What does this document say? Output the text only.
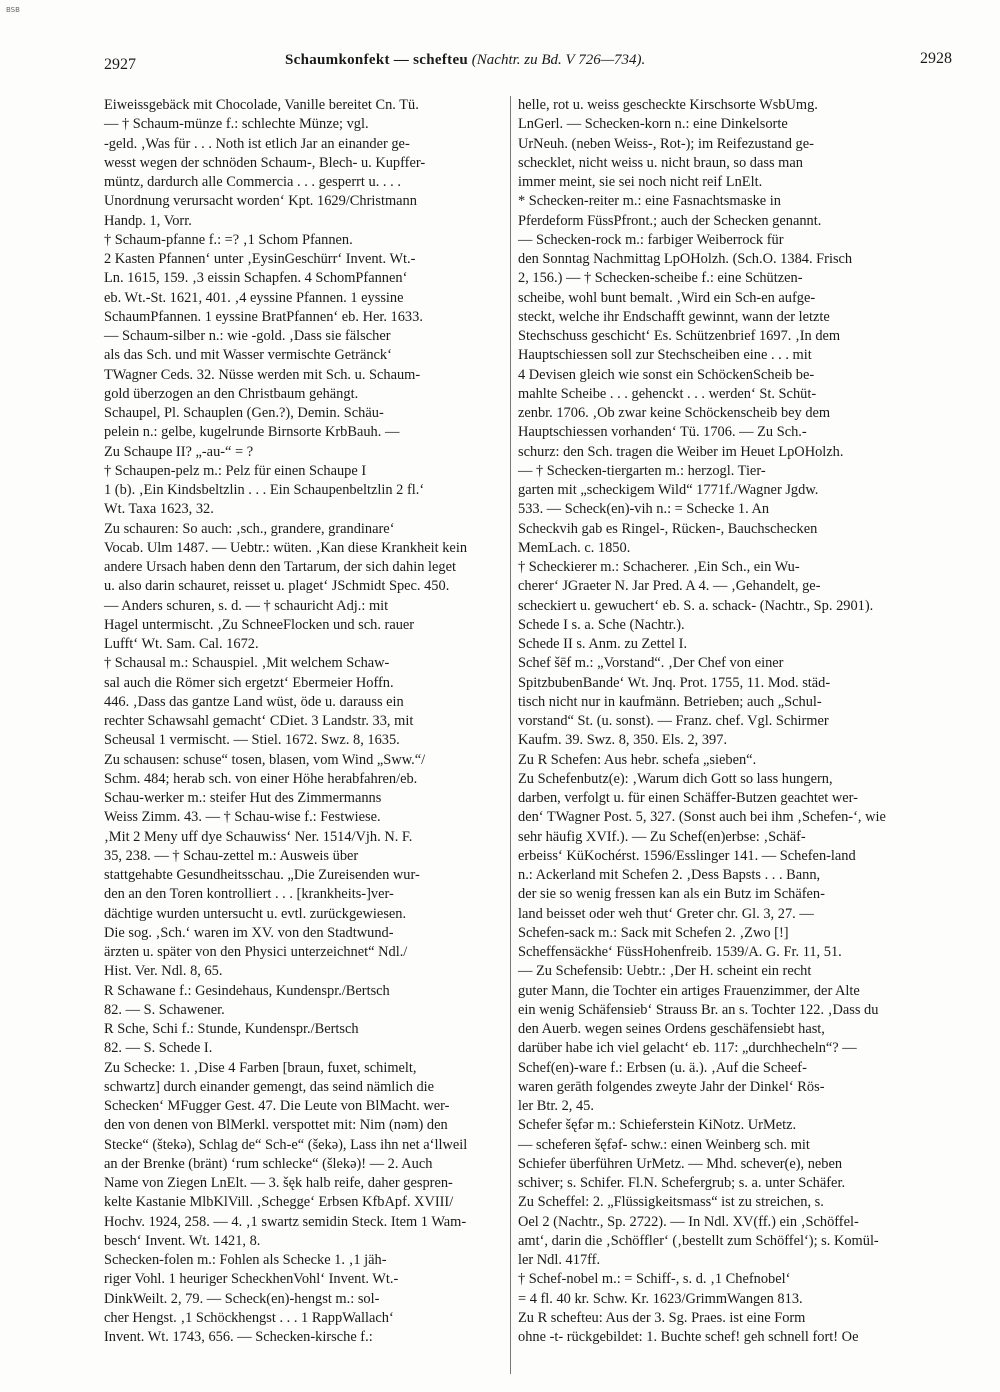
BSB
2927	Schaumkonfekt — schefteu (Nachtr. zu Bd. V 726—734).	2928

Eiweissgebäck mit Chocolade, Vanille bereitet Cn. Tü.

— † Schaum-münze f.: schlechte Münze; vgl.

-geld. ‚Was für . . . Noth ist etlich Jar an einander ge-

wesst wegen der schnöden Schaum-, Blech- u. Kupffer-

müntz, dardurch alle Commercia . . . gesperrt u. . . .

Unordnung verursacht worden‘ Kpt. 1629/Christmann

Handp. 1, Vorr.

† Schaum-pfanne f.: =? ‚1 Schom Pfannen.

2 Kasten Pfannen‘ unter ‚EysinGeschürr‘ Invent. Wt.-

Ln. 1615, 159. ‚3 eissin Schapfen. 4 SchomPfannen‘

eb. Wt.-St. 1621, 401. ‚4 eyssine Pfannen. 1 eyssine

SchaumPfannen. 1 eyssine BratPfannen‘ eb. Her. 1633.

— Schaum-silber n.: wie -gold. ‚Dass sie fälscher

als das Sch. und mit Wasser vermischte Getränck‘

TWagner Ceds. 32. Nüsse werden mit Sch. u. Schaum-

gold überzogen an den Christbaum gehängt.

Schaupel, Pl. Schauplen (Gen.?), Demin. Schäu-

pelein n.: gelbe, kugelrunde Birnsorte KrbBauh. —

Zu Schaupe II? „-au-“ = ?

† Schaupen-pelz m.: Pelz für einen Schaupe I

1 (b). ‚Ein Kindsbeltzlin . . . Ein Schaupenbeltzlin 2 fl.‘

Wt. Taxa 1623, 32.

Zu schauren: So auch: ‚sch., grandere, grandinare‘

Vocab. Ulm 1487. — Uebtr.: wüten. ‚Kan diese Krankheit kein

andere Ursach haben denn den Tartarum, der sich dahin leget

u. also darin schauret, reisset u. plaget‘ JSchmidt Spec. 450.

— Anders schuren, s. d. — † schauricht Adj.: mit

Hagel untermischt. ‚Zu SchneeFlocken und sch. rauer

Lufft‘ Wt. Sam. Cal. 1672.

† Schausal m.: Schauspiel. ‚Mit welchem Schaw-

sal auch die Römer sich ergetzt‘ Ebermeier Hoffn.

446. ‚Dass das gantze Land wüst, öde u. darauss ein

rechter Schawsahl gemacht‘ CDiet. 3 Landstr. 33, mit

Scheusal 1 vermischt. — Stiel. 1672. Swz. 8, 1635.

Zu schausen: schuse“ tosen, blasen, vom Wind „Sww.“/

Schm. 484; herab sch. von einer Höhe herabfahren/eb.

Schau-werker m.: steifer Hut des Zimmermanns

Weiss Zimm. 43. — † Schau-wise f.: Festwiese.

‚Mit 2 Meny uff dye Schauwiss‘ Ner. 1514/Vjh. N. F.

35, 238. — † Schau-zettel m.: Ausweis über

stattgehabte Gesundheitsschau. „Die Zureisenden wur-

den an den Toren kontrolliert . . . [krankheits-]ver-

dächtige wurden untersucht u. evtl. zurückgewiesen.

Die sog. ‚Sch.‘ waren im XV. von den Stadtwund-

ärzten u. später von den Physici unterzeichnet“ Ndl./

Hist. Ver. Ndl. 8, 65.

R Schawane f.: Gesindehaus, Kundenspr./Bertsch

82. — S. Schawener.

R Sche, Schi f.: Stunde, Kundenspr./Bertsch

82. — S. Schede I.

Zu Schecke: 1. ‚Dise 4 Farben [braun, fuxet, schimelt,

schwartz] durch einander gemengt, das seind nämlich die

Schecken‘ MFugger Gest. 47. Die Leute von BlMacht. wer-

den von denen von BlMerkl. verspottet mit: Nim (nəm) den

Stecke“ (štekə), Schlag de“ Sch-e“ (šekə), Lass ihn net a‘llweil

an der Brenke (bränt) ‘rum schlecke“ (šlekə)! — 2. Auch

Name von Ziegen LnElt. — 3. šęk halb reife, daher gespren-

kelte Kastanie MlbKlVill. ‚Schegge‘ Erbsen KfbApf. XVIII/

Hochv. 1924, 258. — 4. ‚1 swartz semidin Steck. Item 1 Wam-

besch‘ Invent. Wt. 1421, 8.

Schecken-folen m.: Fohlen als Schecke 1. ‚1 jäh-

riger Vohl. 1 heuriger ScheckhenVohl‘ Invent. Wt.-

DinkWeilt. 2, 79. — Scheck(en)-hengst m.: sol-

cher Hengst. ‚1 Schöckhengst . . . 1 RappWallach‘

Invent. Wt. 1743, 656. — Schecken-kirsche f.:

helle, rot u. weiss gescheckte Kirschsorte WsbUmg.

LnGerl. — Schecken-korn n.: eine Dinkelsorte

UrNeuh. (neben Weiss-, Rot-); im Reifezustand ge-

schecklet, nicht weiss u. nicht braun, so dass man

immer meint, sie sei noch nicht reif LnElt.

* Schecken-reiter m.: eine Fasnachtsmaske in

Pferdeform FüssPfront.; auch der Schecken genannt.

— Schecken-rock m.: farbiger Weiberrock für

den Sonntag Nachmittag LpOHolzh. (Sch.O. 1384. Frisch

2, 156.) — † Schecken-scheibe f.: eine Schützen-

scheibe, wohl bunt bemalt. ‚Wird ein Sch-en aufge-

steckt, welche ihr Endschafft gewinnt, wann der letzte

Stechschuss geschicht‘ Es. Schützenbrief 1697. ‚In dem

Hauptschiessen soll zur Stechscheiben eine . . . mit

4 Devisen gleich wie sonst ein SchöckenScheib be-

mahlte Scheibe . . . gehenckt . . . werden‘ St. Schüt-

zenbr. 1706. ‚Ob zwar keine Schöckenscheib bey dem

Hauptschiessen vorhanden‘ Tü. 1706. — Zu Sch.-

schurz: den Sch. tragen die Weiber im Heuet LpOHolzh.

— † Schecken-tiergarten m.: herzogl. Tier-

garten mit „scheckigem Wild“ 1771f./Wagner Jgdw.

533. — Scheck(en)-vih n.: = Schecke 1. An

Scheckvih gab es Ringel-, Rücken-, Bauchschecken

MemLach. c. 1850.

† Scheckierer m.: Schacherer. ‚Ein Sch., ein Wu-

cherer‘ JGraeter N. Jar Pred. A 4. — ‚Gehandelt, ge-

scheckiert u. gewuchert‘ eb. S. a. schack- (Nachtr., Sp. 2901).

Schede I s. a. Sche (Nachtr.).

Schede II s. Anm. zu Zettel I.

Schef šēf m.: „Vorstand“. ‚Der Chef von einer

SpitzbubenBande‘ Wt. Jnq. Prot. 1755, 11. Mod. städ-

tisch nicht nur in kaufmänn. Betrieben; auch „Schul-

vorstand“ St. (u. sonst). — Franz. chef. Vgl. Schirmer

Kaufm. 39. Swz. 8, 350. Els. 2, 397.

Zu R Schefen: Aus hebr. schefa „sieben“.

Zu Schefenbutz(e): ‚Warum dich Gott so lass hungern,

darben, verfolgt u. für einen Schäffer-Butzen geachtet wer-

den‘ TWagner Post. 5, 327. (Sonst auch bei ihm ‚Schefen-‘, wie

sehr häufig XVIf.). — Zu Schef(en)erbse: ‚Schäf-

erbeiss‘ KüKochérst. 1596/Esslinger 141. — Schefen-land

n.: Ackerland mit Schefen 2. ‚Dess Bapsts . . . Bann,

der sie so wenig fressen kan als ein Butz im Schäfen-

land beisset oder weh thut‘ Greter chr. Gl. 3, 27. —

Schefen-sack m.: Sack mit Schefen 2. ‚Zwo [!]

Scheffensäckhe‘ FüssHohenfreib. 1539/A. G. Fr. 11, 51.

— Zu Schefensib: Uebtr.: ‚Der H. scheint ein recht

guter Mann, die Tochter ein artiges Frauenzimmer, der Alte

ein wenig Schäfensieb‘ Strauss Br. an s. Tochter 122. ‚Dass du

den Auerb. wegen seines Ordens geschäfensiebt hast,

darüber habe ich viel gelacht‘ eb. 117: „durchhecheln“? —

Schef(en)-ware f.: Erbsen (u. ä.). ‚Auf die Scheef-

waren gerāth folgendes zweyte Jahr der Dinkel‘ Rös-

ler Btr. 2, 45.

Schefer šęfər m.: Schieferstein KiNotz. UrMetz.

— scheferen šęfəf- schw.: einen Weinberg sch. mit

Schiefer überführen UrMetz. — Mhd. schever(e), neben

schiver; s. Schifer. Fl.N. Schefergrub; s. a. unter Schäfer.

Zu Scheffel: 2. „Flüssigkeitsmass“ ist zu streichen, s.

Oel 2 (Nachtr., Sp. 2722). — In Ndl. XV(ff.) ein ‚Schöffel-

amt‘, darin die ‚Schöffler‘ (‚bestellt zum Schöffel‘); s. Komül-

ler Ndl. 417ff.

† Schef-nobel m.: = Schiff-, s. d. ‚1 Chefnobel‘

= 4 fl. 40 kr. Schw. Kr. 1623/GrimmWangen 813.

Zu R schefteu: Aus der 3. Sg. Praes. ist eine Form

ohne -t- rückgebildet: 1. Buchte schef! geh schnell fort! Oe
